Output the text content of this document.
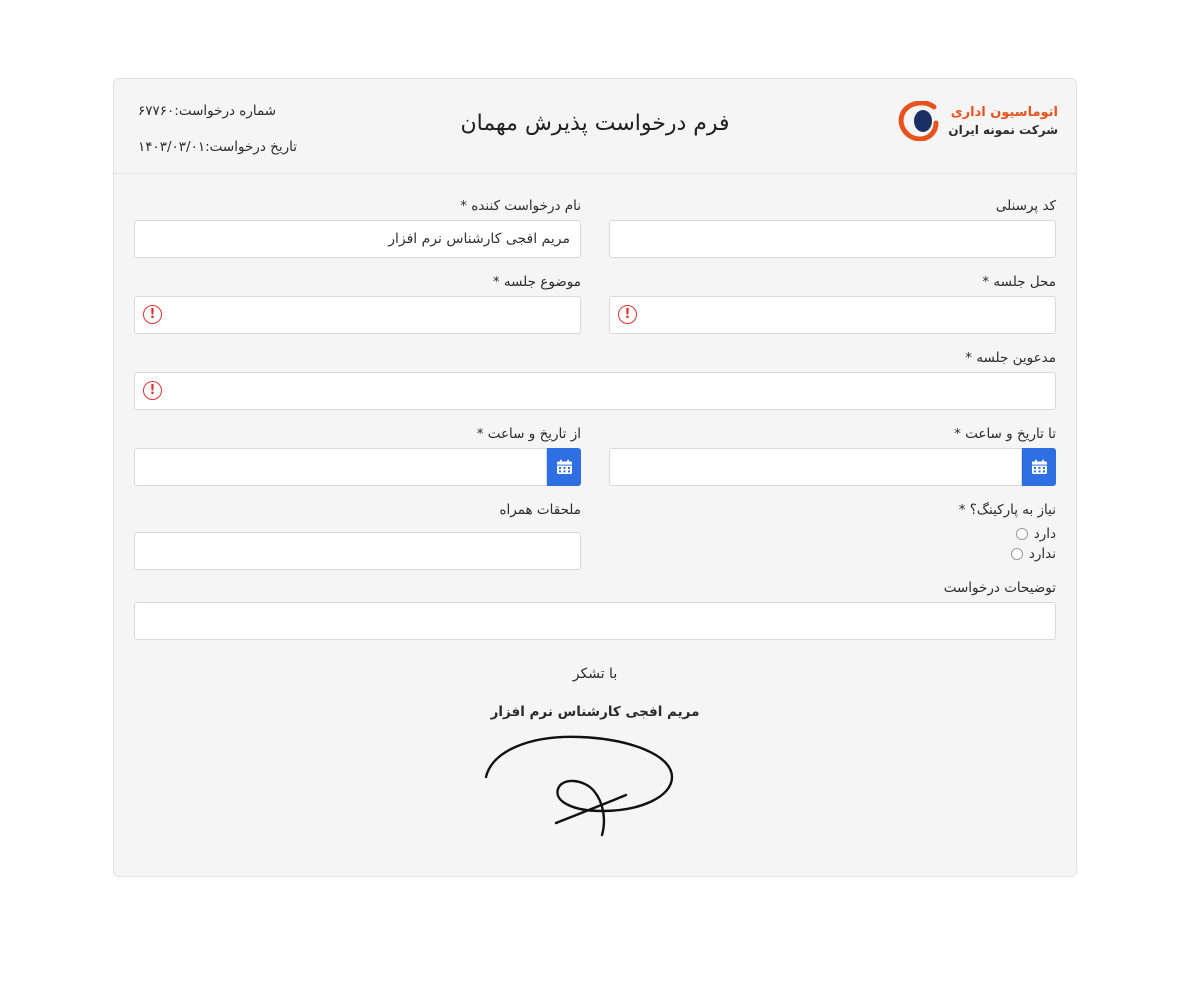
اتوماسیون اداری
شرکت نمونه ایران
فرم درخواست پذیرش مهمان
شماره درخواست:۶۷۷۶۰
تاریخ درخواست:۱۴۰۳/۰۳/۰۱
کد پرسنلی
نام درخواست کننده *
مریم افجی کارشناس نرم افزار
محل جلسه *
!
موضوع جلسه *
!
مدعوین جلسه *
!
تا تاریخ و ساعت *
از تاریخ و ساعت *
نیاز به پارکینگ؟ *
دارد
ندارد
ملحقات همراه
توضیحات درخواست
با تشکر
مریم افجی کارشناس نرم افزار
